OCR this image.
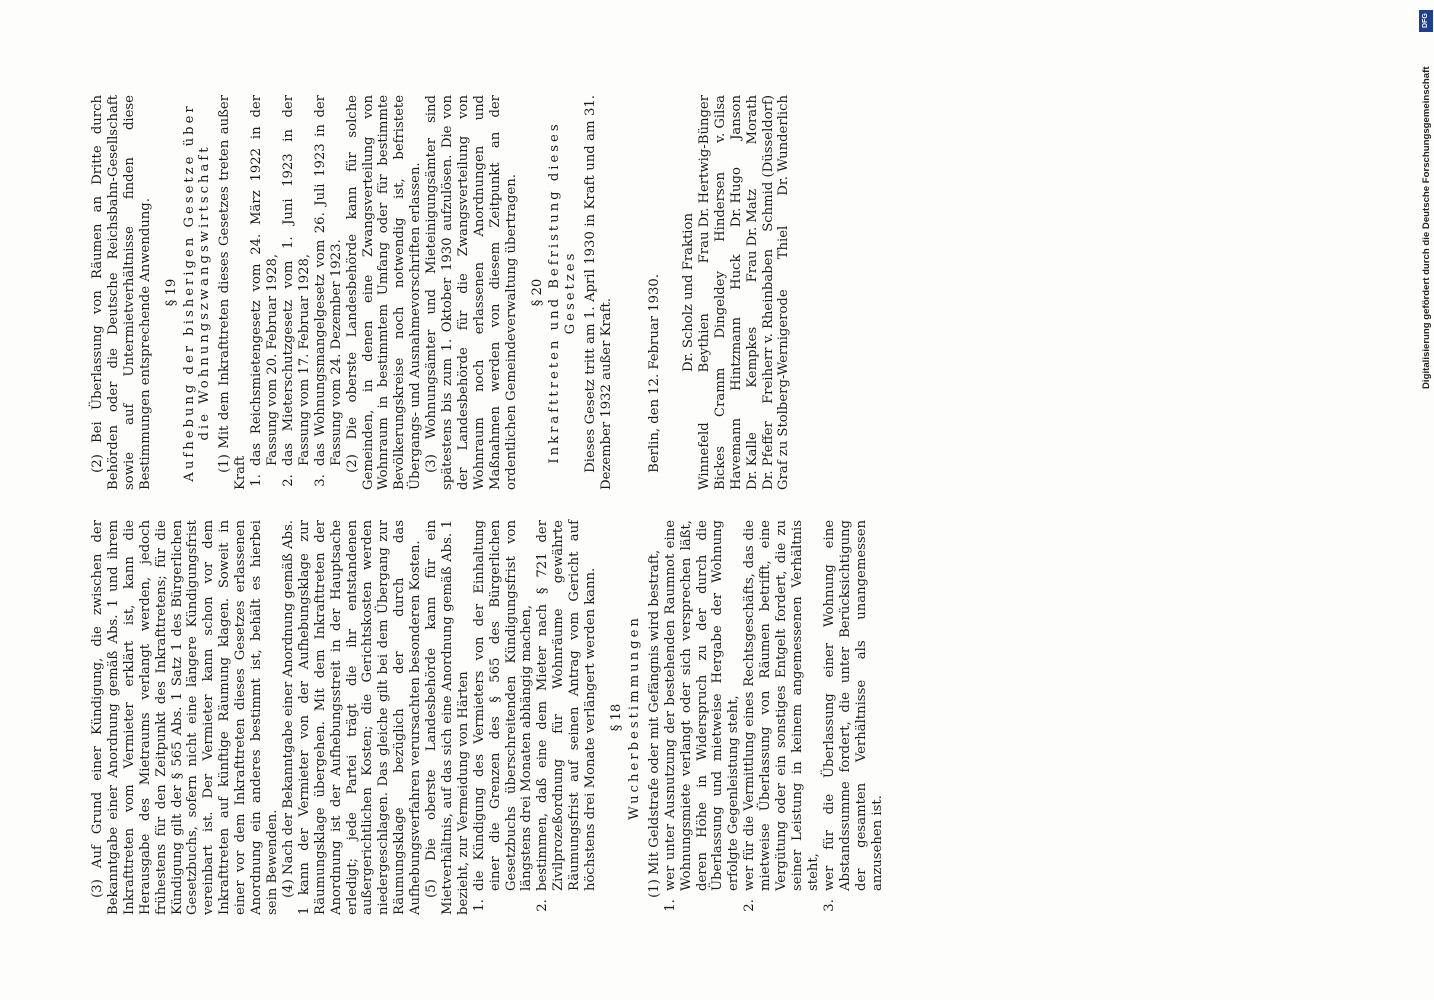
(3) Auf Grund einer Kündigung, die zwischen der Bekanntgabe einer Anordnung gemäß Abs. 1 und ihrem Inkrafttreten vom Vermieter erklärt ist, kann die Herausgabe des Mietraums verlangt werden, jedoch frühestens für den Zeitpunkt des Inkrafttretens; für die Kündigung gilt der § 565 Abs. 1 Satz 1 des Bürgerlichen Gesetzbuchs, sofern nicht eine längere Kündigungsfrist vereinbart ist. Der Vermieter kann schon vor dem Inkrafttreten auf künftige Räumung klagen. Soweit in einer vor dem Inkrafttreten dieses Gesetzes erlassenen Anordnung ein anderes bestimmt ist, behält es hierbei sein Bewenden. (4) Nach der Bekanntgabe einer Anordnung gemäß Abs. 1 kann der Vermieter von der Aufhebungsklage zur Räumungsklage übergehen. Mit dem Inkrafttreten der Anordnung ist der Aufhebungsstreit in der Hauptsache erledigt; jede Partei trägt die ihr entstandenen außergerichtlichen Kosten; die Gerichtskosten werden niedergeschlagen. Das gleiche gilt bei dem Übergang zur Räumungsklage bezüglich der durch das Aufhebungsverfahren verursachten besonderen Kosten. (5) Die oberste Landesbehörde kann für ein Mietverhältnis, auf das sich eine Anordnung gemäß Abs. 1 bezieht, zur Vermeidung von Härten 1. die Kündigung des Vermieters von der Einhaltung einer die Grenzen des § 565 des Bürgerlichen Gesetzbuchs überschreitenden Kündigungsfrist von längstens drei Monaten abhängig machen, 2. bestimmen, daß eine dem Mieter nach § 721 der Zivilprozeßordnung für Wohnräume gewährte Räumungsfrist auf seinen Antrag vom Gericht auf höchstens drei Monate verlängert werden kann. § 18 Wucherbestimmungen (1) Mit Geldstrafe oder mit Gefängnis wird bestraft, 1. wer unter Ausnutzung der bestehenden Raumnot eine Wohnungsmiete verlangt oder sich versprechen läßt, deren Höhe in Widerspruch zu der durch die Überlassung und mietweise Hergabe der Wohnung erfolgte Gegenleistung steht, 2. wer für die Vermittlung eines Rechtsgeschäfts, das die mietweise Überlassung von Räumen betrifft, eine Vergütung oder ein sonstiges Entgelt fordert, die zu seiner Leistung in keinem angemessenen Verhältnis steht, 3. wer für die Überlassung einer Wohnung eine Abstandssumme fordert, die unter Berücksichtigung der gesamten Verhältnisse als unangemessen anzusehen ist.

(2) Bei Überlassung von Räumen an Dritte durch Behörden oder die Deutsche Reichsbahn-Gesellschaft sowie auf Untermietverhältnisse finden diese Bestimmungen entsprechende Anwendung. § 19 Aufhebung der bisherigen Gesetze über die Wohnungszwangswirtschaft (1) Mit dem Inkrafttreten dieses Gesetzes treten außer Kraft

1. das Reichsmietengesetz vom 24. März 1922 in der Fassung vom 20. Februar 1928, 2. das Mieterschutzgesetz vom 1. Juni 1923 in der Fassung vom 17. Februar 1928, 3. das Wohnungsmangelgesetz vom 26. Juli 1923 in der Fassung vom 24. Dezember 1923. (2) Die oberste Landesbehörde kann für solche Gemeinden, in denen eine Zwangsverteilung von Wohnraum in bestimmtem Umfang oder für bestimmte Bevölkerungskreise noch notwendig ist, befristete Übergangs- und Ausnahmevorschriften erlassen. (3) Wohnungsämter und Mieteinigungsämter sind spätestens bis zum 1. Oktober 1930 aufzulösen. Die von der Landesbehörde für die Zwangsverteilung von Wohnraum noch erlassenen Anordnungen und Maßnahmen werden von diesem Zeitpunkt an der ordentlichen Gemeindeverwaltung übertragen. § 20 Inkrafttreten und Befristung dieses Gesetzes Dieses Gesetz tritt am 1. April 1930 in Kraft und am 31. Dezember 1932 außer Kraft. Berlin, den 12. Februar 1930. Dr. Scholz und Fraktion

Winnefeld
Beythien
Frau Dr. Hertwig-Bünger
Bickes
Cramm
Dingeldey
Hindersen
v. Gilsa
Havemann
Hintzmann
Huck
Dr. Hugo
Janson
Dr. Kalle
Kempkes
Frau Dr. Matz
Morath
Dr. Pfeffer
Freiherr v. Rheinbaben
Schmid (Düsseldorf)
Graf zu Stolberg-Wernigerode
Thiel
Dr. Wunderlich
DFG
Digitalisierung gefördert durch die Deutsche Forschungsgemeinschaft
